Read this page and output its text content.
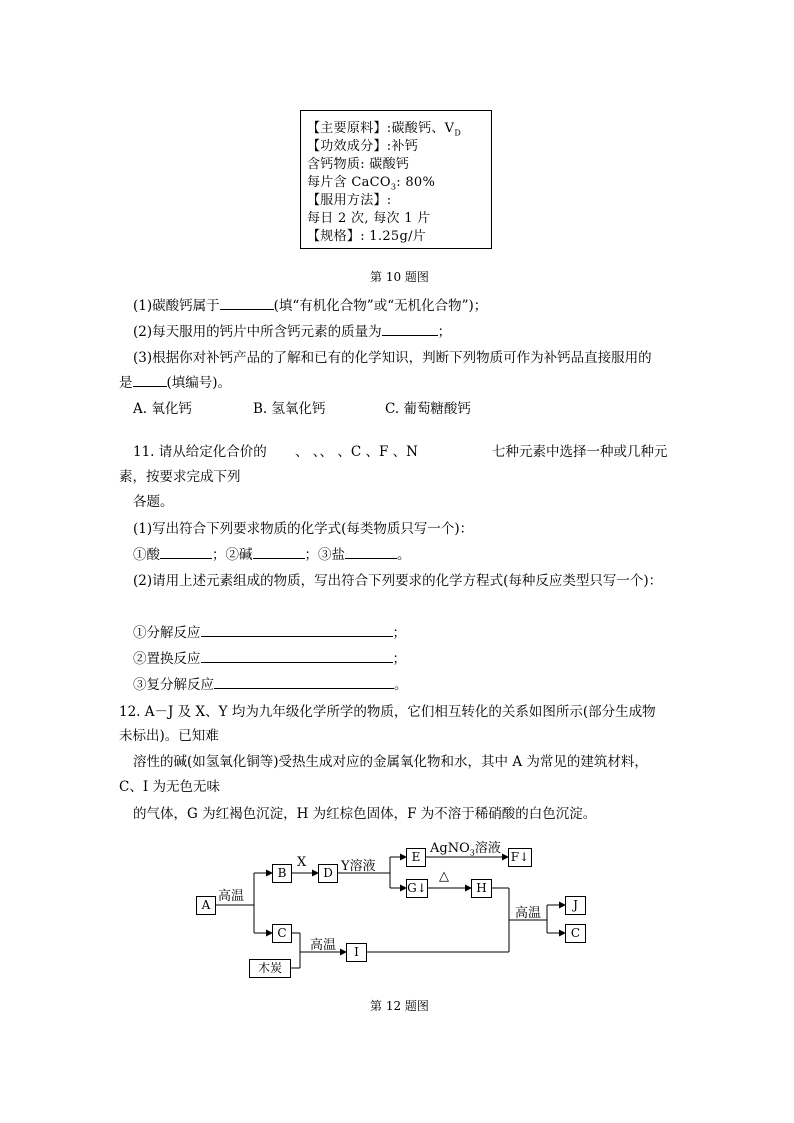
【主要原料】:碳酸钙、$V_D$
【功效成分】:补钙
含钙物质: 碳酸钙
每片含 CaCO$_3$: 80%
【服用方法】:
每日 2 次, 每次 1 片
【规格】: 1.25g/片
第 10 题图
(1)碳酸钙属于	(填“有机化合物”或“无机化合物”)；
(2)每天服用的钙片中所含钙元素的质量为	；
(3)根据你对补钙产品的了解和已有的化学知识，判断下列物质可作为补钙品直接服用的
是	(填编号)。
A. 氧化钙	B. 氢氧化钙	C. 葡萄糖酸钙
11. 请从给定化合价的 、 、、 、C 、F 、N	七种元素中选择一种或几种元
素，按要求完成下列
各题。
(1)写出符合下列要求物质的化学式(每类物质只写一个)：
①酸	；②碱	；③盐	。
(2)请用上述元素组成的物质，写出符合下列要求的化学方程式(每种反应类型只写一个)：
①分解反应	；
②置换反应	；
③复分解反应	。
12. A－J 及 X、Y 均为九年级化学所学的物质，它们相互转化的关系如图所示(部分生成物
未标出)。已知难
溶性的碱(如氢氧化铜等)受热生成对应的金属氧化物和水，其中 A 为常见的建筑材料，
C、I 为无色无味
的气体，G 为红褐色沉淀，H 为红棕色固体，F 为不溶于稀硝酸的白色沉淀。
A
B
C
D
E	F↓
G↓	H
I
J
C
木炭
高温
X	Y溶液
AgNO$_3$溶液
△
高温
高温
第 12 题图
